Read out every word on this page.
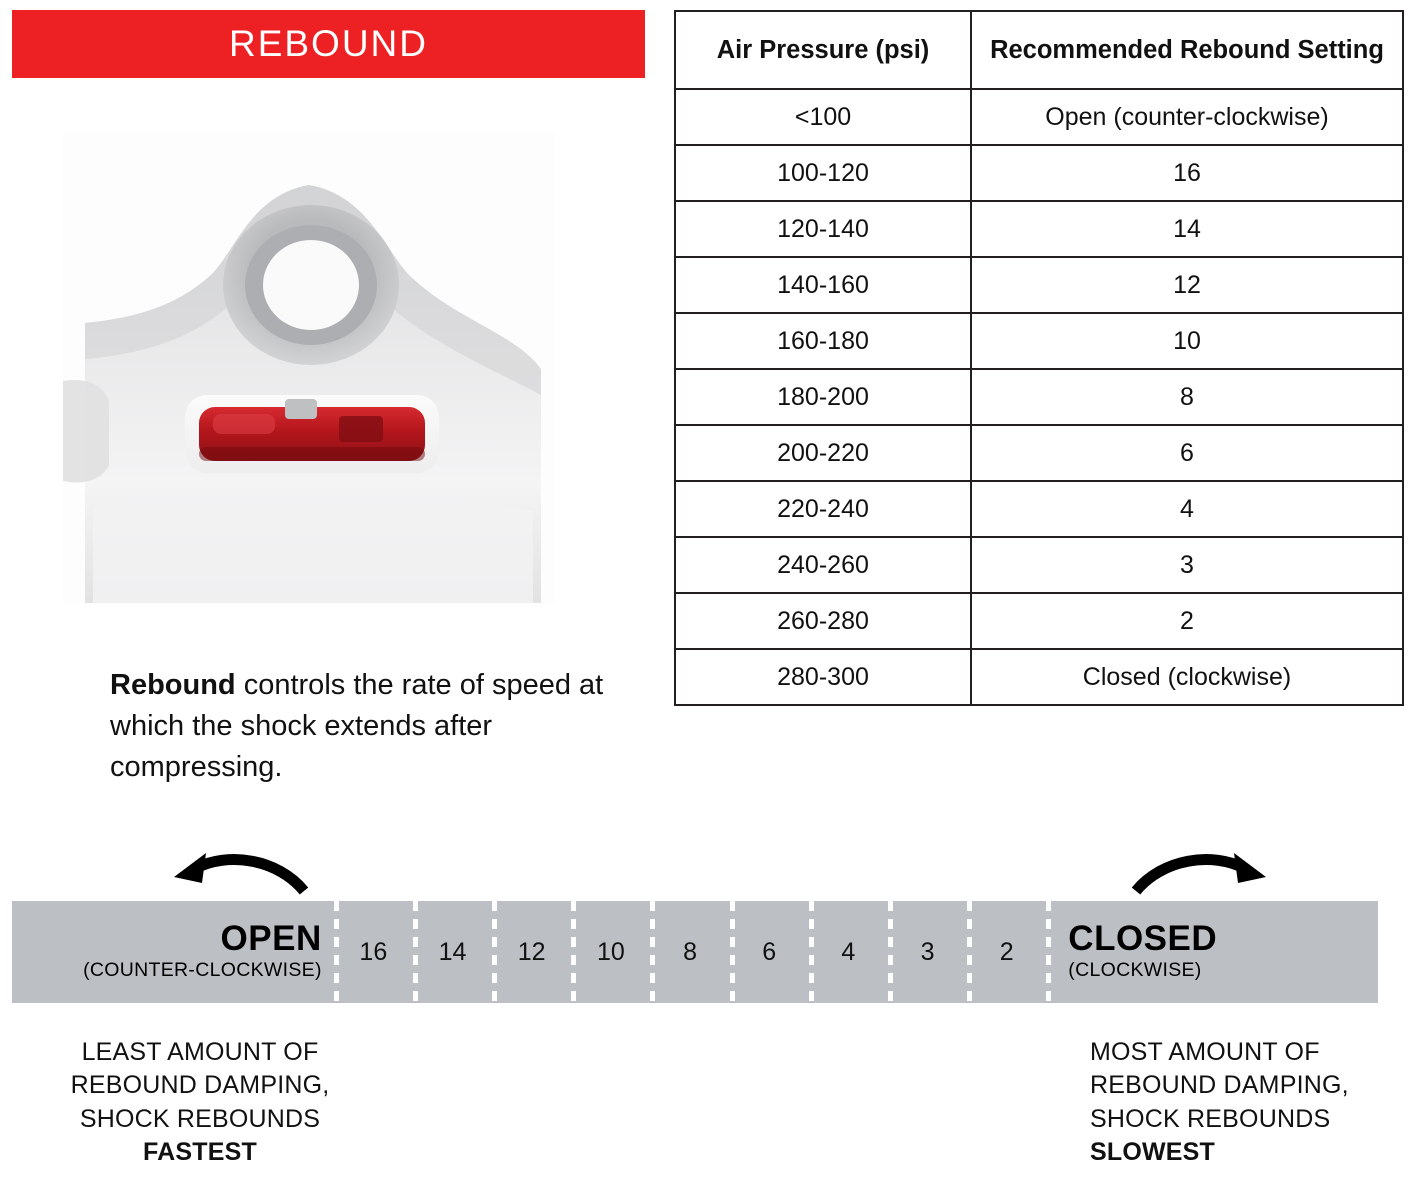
REBOUND

Rebound controls the rate of speed at which the shock extends after compressing.

Air Pressure (psi)	Recommended Rebound Setting
<100	Open (counter-clockwise)
100-120	16
120-140	14
140-160	12
160-180	10
180-200	8
200-220	6
220-240	4
240-260	3
260-280	2
280-300	Closed (clockwise)
OPEN
(COUNTER-CLOCKWISE)
16 14 12 10 8	6	4	3	2 CLOSED
(CLOCKWISE)
LEAST AMOUNT OF
REBOUND DAMPING,
SHOCK REBOUNDS
FASTEST
MOST AMOUNT OF
REBOUND DAMPING,
SHOCK REBOUNDS
SLOWEST
